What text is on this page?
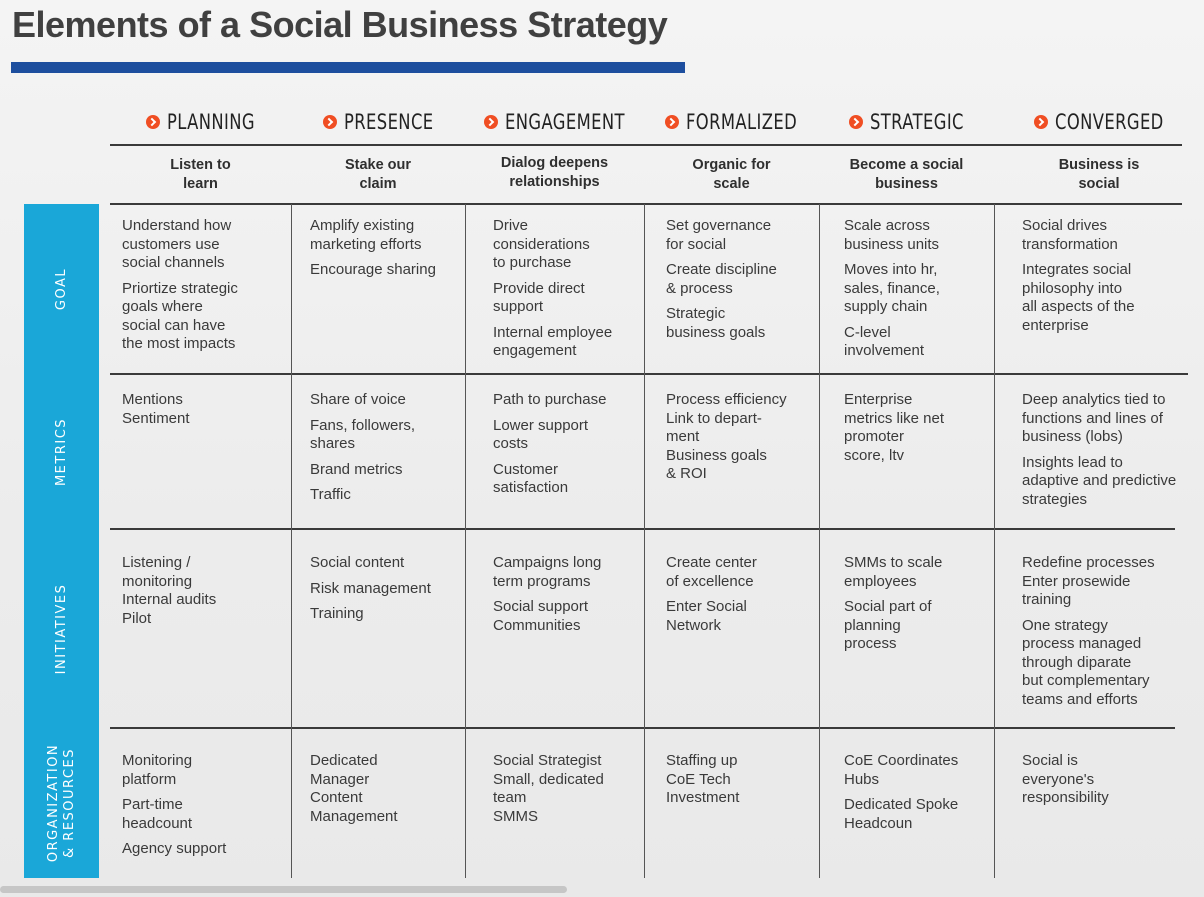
Elements of a Social Business Strategy
PLANNING
Listen to
learn
PRESENCE
Stake our
claim
ENGAGEMENT
Dialog deepens
relationships
FORMALIZED
Organic for
scale
STRATEGIC
Become a social
business
CONVERGED
Business is
social
GOAL

Understand how
customers use
social channels

Priortize strategic
goals where
social can have
the most impacts

Amplify existing
marketing efforts

Encourage sharing

Drive
considerations
to purchase

Provide direct
support

Internal employee
engagement

Set governance
for social

Create discipline
& process

Strategic
business goals

Scale across
business units

Moves into hr,
sales, finance,
supply chain

C-level
involvement

Social drives
transformation

Integrates social
philosophy into
all aspects of the
enterprise

METRICS

Mentions
Sentiment

Share of voice

Fans, followers,
shares

Brand metrics

Traffic

Path to purchase

Lower support
costs

Customer
satisfaction

Process efficiency
Link to depart-
ment
Business goals
& ROI

Enterprise
metrics like net
promoter
score, ltv

Deep analytics tied to
functions and lines of
business (lobs)

Insights lead to
adaptive and predictive
strategies

INITIATIVES

Listening /
monitoring
Internal audits
Pilot

Social content

Risk management

Training

Campaigns long
term programs

Social support
Communities

Create center
of excellence

Enter Social
Network

SMMs to scale
employees

Social part of
planning
process

Redefine processes
Enter prosewide
training

One strategy
process managed
through diparate
but complementary
teams and efforts

ORGANIZATION & RESOURCES	Monitoring
platform

Part-time
headcount

Agency support

Dedicated
Manager
Content
Management

Social Strategist
Small, dedicated
team
SMMS

Staffing up
CoE Tech
Investment

CoE Coordinates
Hubs

Dedicated Spoke
Headcoun

Social is
everyone's
responsibility
